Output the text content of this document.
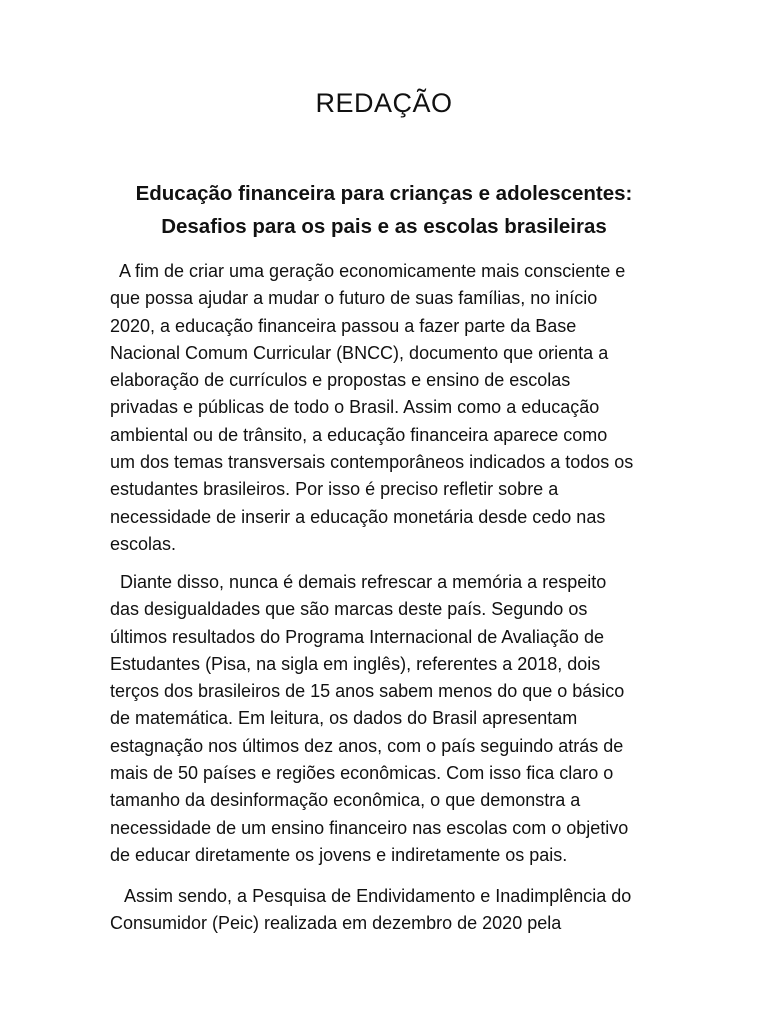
REDAÇÃO
Educação financeira para crianças e adolescentes:
Desafios para os pais e as escolas brasileiras

A fim de criar uma geração economicamente mais consciente e
que possa ajudar a mudar o futuro de suas famílias, no início
2020, a educação financeira passou a fazer parte da Base
Nacional Comum Curricular (BNCC), documento que orienta a
elaboração de currículos e propostas e ensino de escolas
privadas e públicas de todo o Brasil. Assim como a educação
ambiental ou de trânsito, a educação financeira aparece como
um dos temas transversais contemporâneos indicados a todos os
estudantes brasileiros. Por isso é preciso refletir sobre a
necessidade de inserir a educação monetária desde cedo nas
escolas.

Diante disso, nunca é demais refrescar a memória a respeito
das desigualdades que são marcas deste país. Segundo os
últimos resultados do Programa Internacional de Avaliação de
Estudantes (Pisa, na sigla em inglês), referentes a 2018, dois
terços dos brasileiros de 15 anos sabem menos do que o básico
de matemática. Em leitura, os dados do Brasil apresentam
estagnação nos últimos dez anos, com o país seguindo atrás de
mais de 50 países e regiões econômicas. Com isso fica claro o
tamanho da desinformação econômica, o que demonstra a
necessidade de um ensino financeiro nas escolas com o objetivo
de educar diretamente os jovens e indiretamente os pais.

Assim sendo, a Pesquisa de Endividamento e Inadimplência do
Consumidor (Peic) realizada em dezembro de 2020 pela
